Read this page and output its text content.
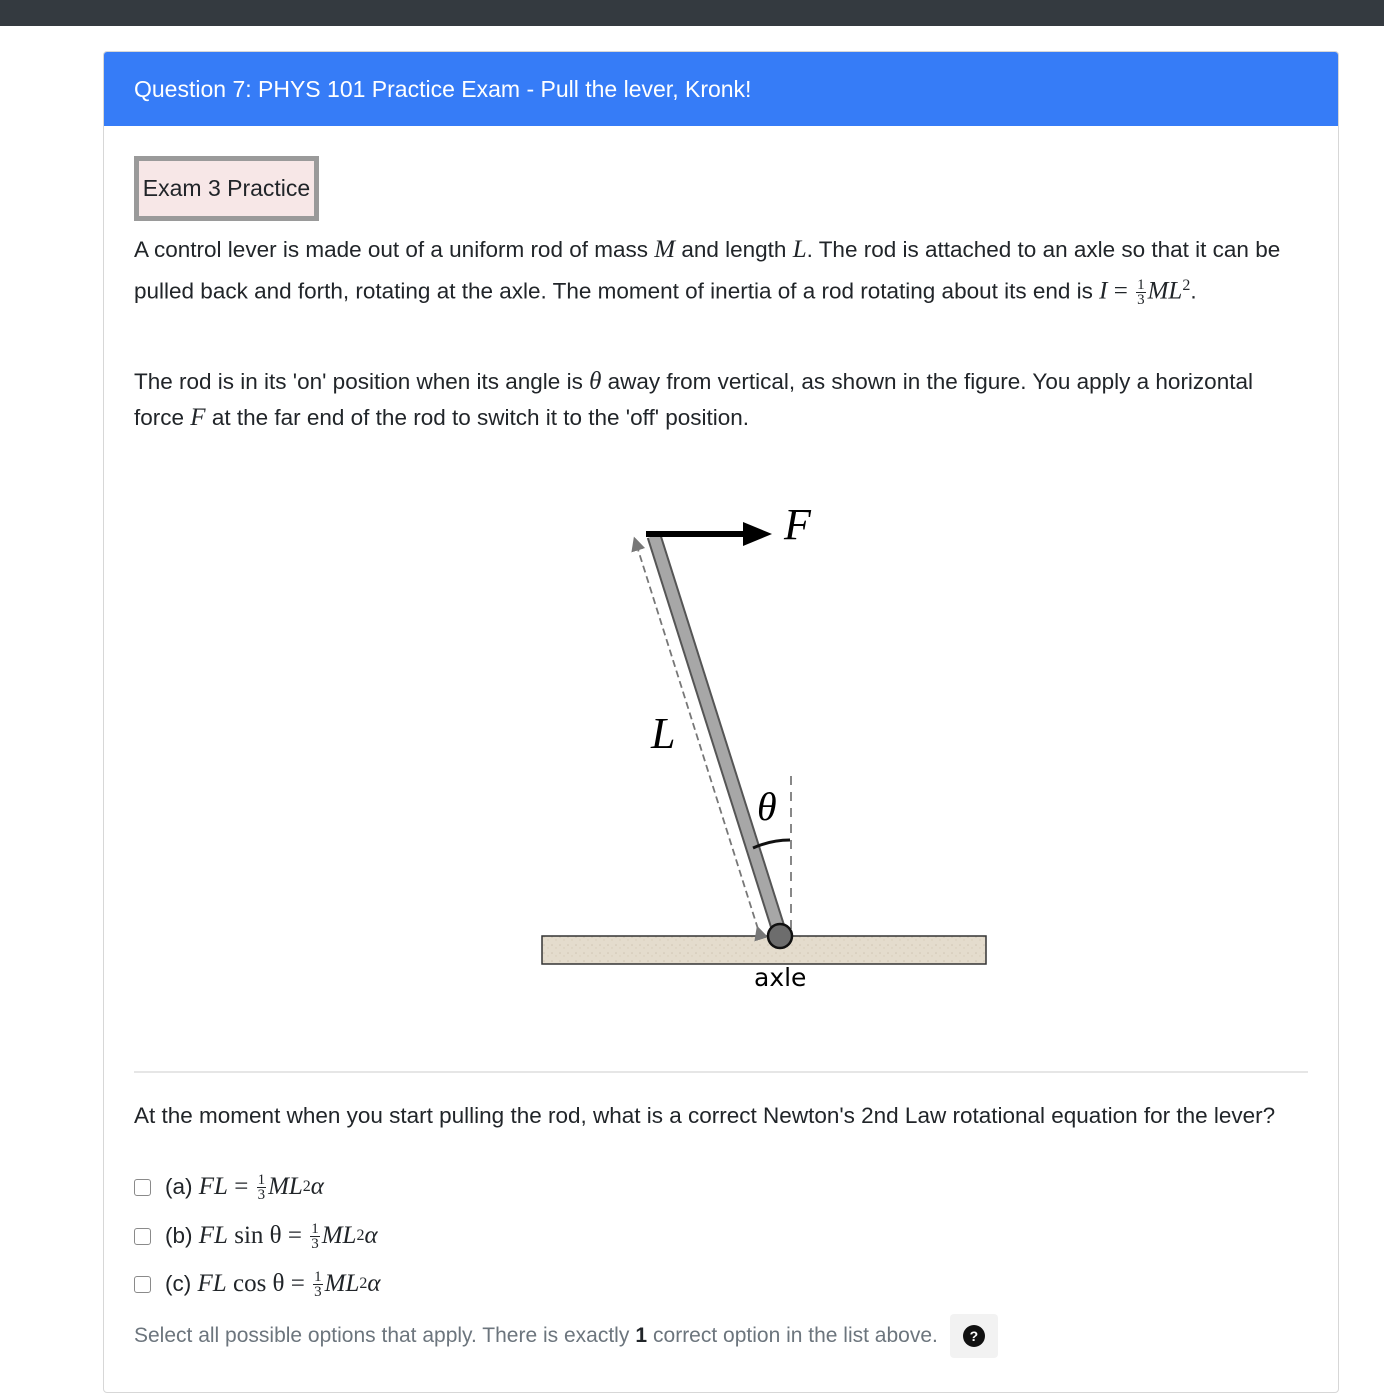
Question 7: PHYS 101 Practice Exam - Pull the lever, Kronk!
Exam 3 Practice

A control lever is made out of a uniform rod of mass M and length L. The rod is attached to an axle so that it can be pulled back and forth, rotating at the axle. The moment of inertia of a rod rotating about its end is $I = \frac{1}{3} ML^2$.

The rod is in its 'on' position when its angle is θ away from vertical, as shown in the figure. You apply a horizontal force F at the far end of the rod to switch it to the 'off' position.

F
L
θ
axle
At the moment when you start pulling the rod, what is a correct Newton's 2nd Law rotational equation for the lever?
(a)
FL = $\frac{1}{3}$ ML 2 α
(b)
FL
$\sin \theta = \frac{1}{3}$ ML 2 α
(c)
FL
$\cos \theta = \frac{1}{3}$ ML 2 α
Select all possible options that apply. There is exactly 1 correct option in the list above.	?
